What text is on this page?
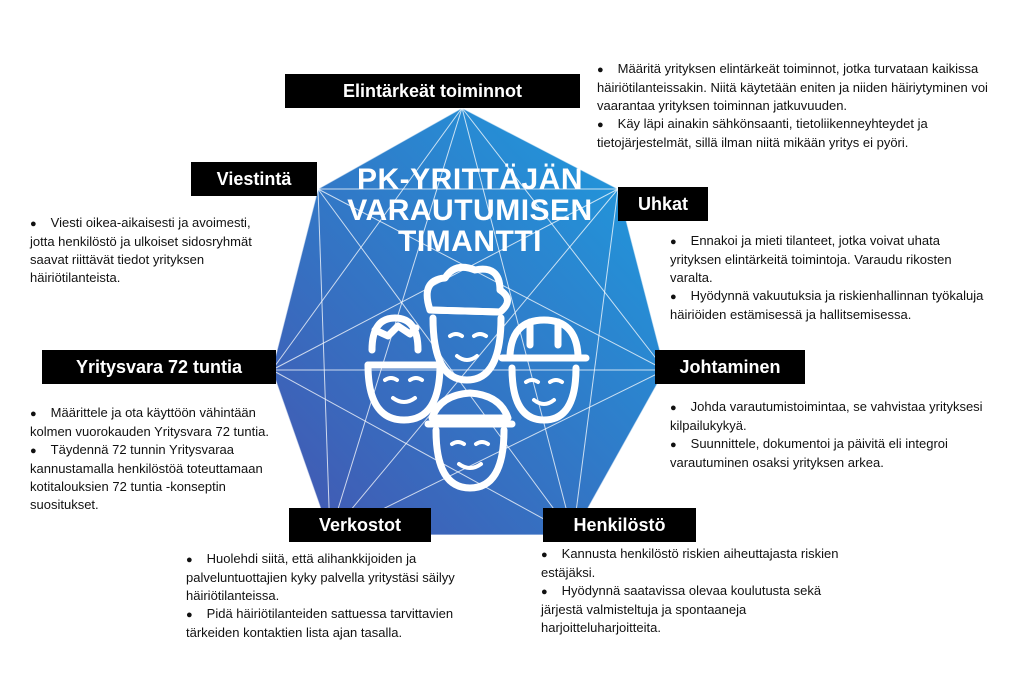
PK-YRITTÄJÄN
VARAUTUMISEN
TIMANTTI
Elintärkeät toiminnot
Viestintä
Uhkat
Yritysvara 72 tuntia	Johtaminen
Verkostot	Henkilöstö
● Määritä yrityksen elintärkeät toiminnot, jotka turvataan kaikissa häiriötilanteissakin. Niitä käytetään eniten ja niiden häiriytyminen voi vaarantaa yrityksen toiminnan jatkuvuuden.
● Käy läpi ainakin sähkönsaanti, tietoliikenneyhteydet ja tietojärjestelmät, sillä ilman niitä mikään yritys ei pyöri.
● Viesti oikea-aikaisesti ja avoimesti, jotta henkilöstö ja ulkoiset sidosryhmät saavat riittävät tiedot yrityksen häiriötilanteista.
● Ennakoi ja mieti tilanteet, jotka voivat uhata yrityksen elintärkeitä toimintoja. Varaudu rikosten varalta.
● Hyödynnä vakuutuksia ja riskienhallinnan työkaluja häiriöiden estämisessä ja hallitsemisessa.
● Määrittele ja ota käyttöön vähintään kolmen vuorokauden Yritysvara 72 tuntia.
● Täydennä 72 tunnin Yritysvaraa kannustamalla henkilöstöä toteuttamaan kotitalouksien 72 tuntia -konseptin suositukset.
● Johda varautumistoimintaa, se vahvistaa yrityksesi kilpailukykyä.
● Suunnittele, dokumentoi ja päivitä eli integroi varautuminen osaksi yrityksen arkea.
● Huolehdi siitä, että alihankkijoiden ja palveluntuottajien kyky palvella yritystäsi säilyy häiriötilanteissa.
● Pidä häiriötilanteiden sattuessa tarvittavien tärkeiden kontaktien lista ajan tasalla.
● Kannusta henkilöstö riskien aiheuttajasta riskien estäjäksi.
● Hyödynnä saatavissa olevaa koulutusta sekä järjestä valmisteltuja ja spontaaneja harjoitteluharjoitteita.
